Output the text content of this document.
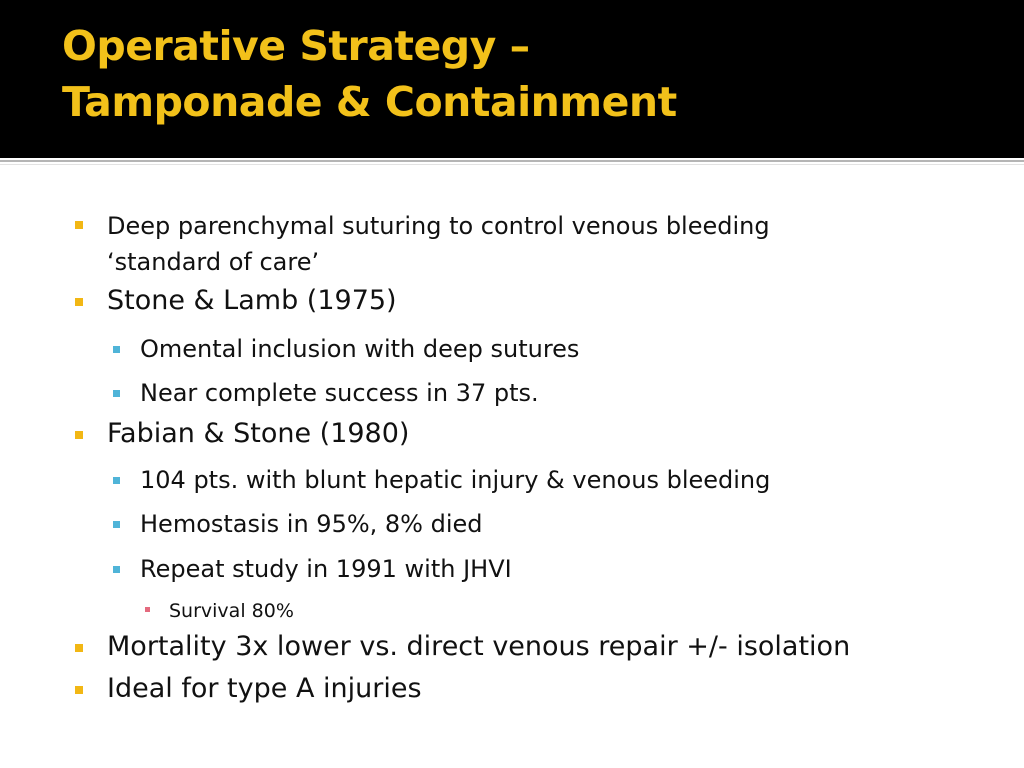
Operative Strategy –
Tamponade & Containment
Deep parenchymal suturing to control venous bleeding
‘standard of care’
Stone & Lamb (1975)
Omental inclusion with deep sutures
Near complete success in 37 pts.
Fabian & Stone (1980)
104 pts. with blunt hepatic injury & venous bleeding
Hemostasis in 95%, 8% died
Repeat study in 1991 with JHVI
Survival 80%
Mortality 3x lower vs. direct venous repair +/- isolation
Ideal for type A injuries
